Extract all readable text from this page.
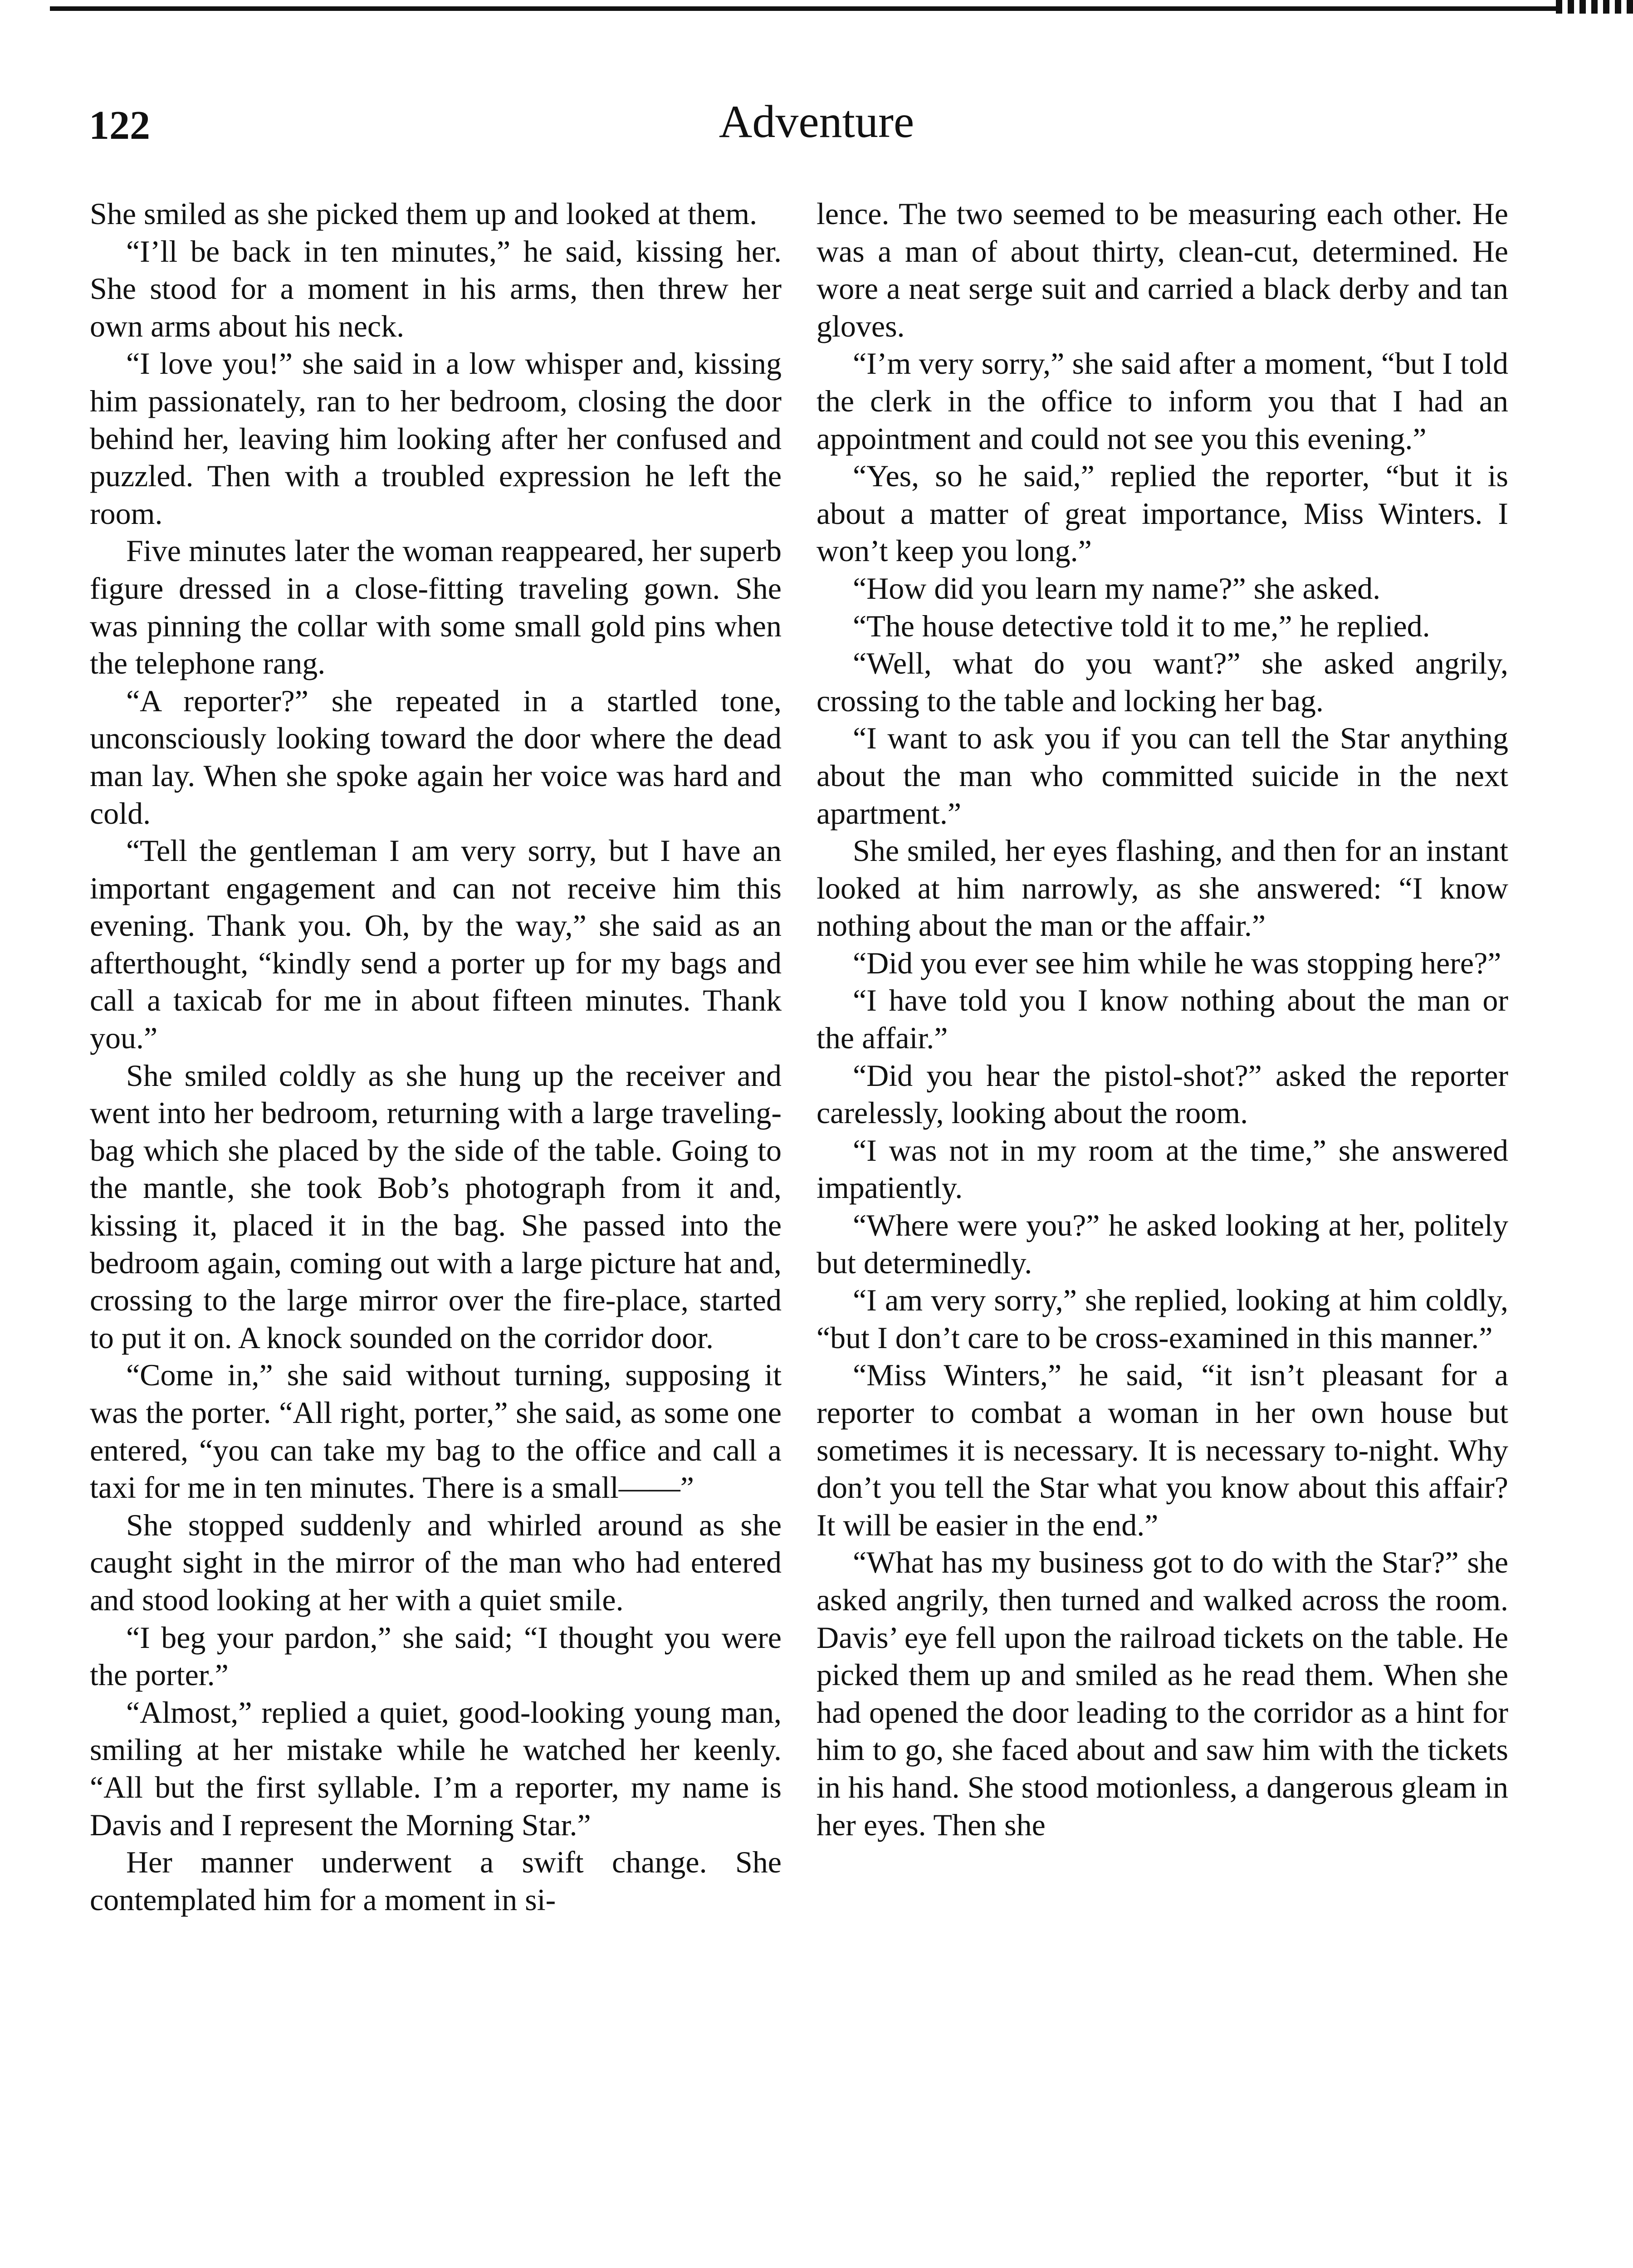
122	Adventure

She smiled as she picked them up and looked at them.

“I’ll be back in ten minutes,” he said, kissing her. She stood for a moment in his arms, then threw her own arms about his neck.

“I love you!” she said in a low whisper and, kissing him passionately, ran to her bedroom, closing the door behind her, leaving him looking after her confused and puzzled. Then with a troubled expression he left the room.

Five minutes later the woman reappeared, her superb figure dressed in a close-fitting traveling gown. She was pinning the collar with some small gold pins when the telephone rang.

“A reporter?” she repeated in a startled tone, unconsciously looking toward the door where the dead man lay. When she spoke again her voice was hard and cold.

“Tell the gentleman I am very sorry, but I have an important engagement and can not receive him this evening. Thank you. Oh, by the way,” she said as an afterthought, “kindly send a porter up for my bags and call a taxicab for me in about fifteen minutes. Thank you.”

She smiled coldly as she hung up the receiver and went into her bedroom, returning with a large traveling-bag which she placed by the side of the table. Going to the mantle, she took Bob’s photograph from it and, kissing it, placed it in the bag. She passed into the bedroom again, coming out with a large picture hat and, crossing to the large mirror over the fire-place, started to put it on. A knock sounded on the corridor door.

“Come in,” she said without turning, supposing it was the porter. “All right, porter,” she said, as some one entered, “you can take my bag to the office and call a taxi for me in ten minutes. There is a small——”

She stopped suddenly and whirled around as she caught sight in the mirror of the man who had entered and stood looking at her with a quiet smile.

“I beg your pardon,” she said; “I thought you were the porter.”

“Almost,” replied a quiet, good-looking young man, smiling at her mistake while he watched her keenly. “All but the first syllable. I’m a reporter, my name is Davis and I represent the Morning Star.”

Her manner underwent a swift change. She contemplated him for a moment in si-

lence. The two seemed to be measuring each other. He was a man of about thirty, clean-cut, determined. He wore a neat serge suit and carried a black derby and tan gloves.

“I’m very sorry,” she said after a moment, “but I told the clerk in the office to inform you that I had an appointment and could not see you this evening.”

“Yes, so he said,” replied the reporter, “but it is about a matter of great importance, Miss Winters. I won’t keep you long.”

“How did you learn my name?” she asked.

“The house detective told it to me,” he replied.

“Well, what do you want?” she asked angrily, crossing to the table and locking her bag.

“I want to ask you if you can tell the Star anything about the man who committed suicide in the next apartment.”

She smiled, her eyes flashing, and then for an instant looked at him narrowly, as she answered: “I know nothing about the man or the affair.”

“Did you ever see him while he was stopping here?”

“I have told you I know nothing about the man or the affair.”

“Did you hear the pistol-shot?” asked the reporter carelessly, looking about the room.

“I was not in my room at the time,” she answered impatiently.

“Where were you?” he asked looking at her, politely but determinedly.

“I am very sorry,” she replied, looking at him coldly, “but I don’t care to be cross-examined in this manner.”

“Miss Winters,” he said, “it isn’t pleasant for a reporter to combat a woman in her own house but sometimes it is necessary. It is necessary to-night. Why don’t you tell the Star what you know about this affair? It will be easier in the end.”

“What has my business got to do with the Star?” she asked angrily, then turned and walked across the room. Davis’ eye fell upon the railroad tickets on the table. He picked them up and smiled as he read them. When she had opened the door leading to the corridor as a hint for him to go, she faced about and saw him with the tickets in his hand. She stood motionless, a dangerous gleam in her eyes. Then she
